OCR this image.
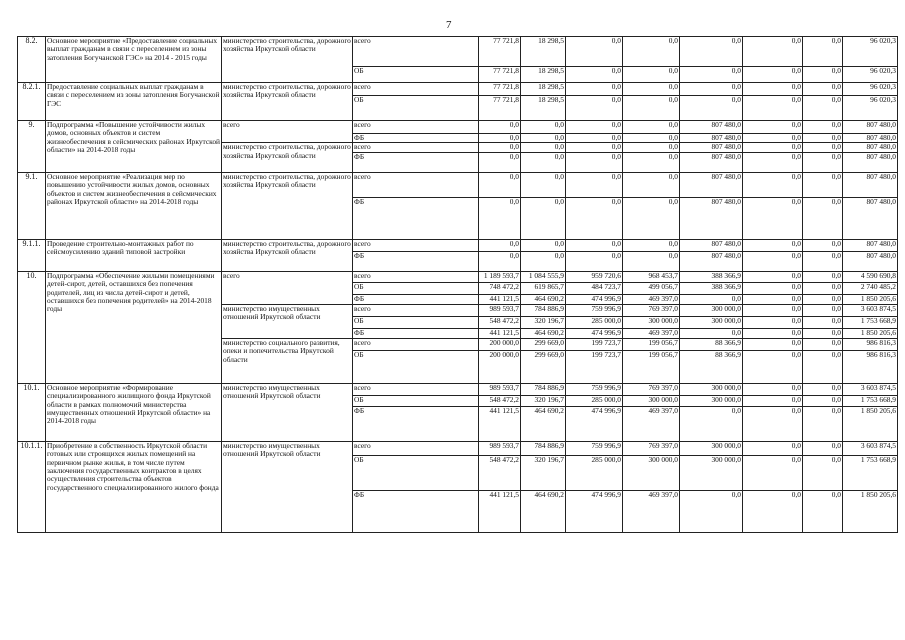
7
8.2.	Основное мероприятие «Предоставление социальных выплат гражданам в связи с переселением из зоны затопления Богучанской ГЭС» на 2014 - 2015 годы	министерство строительства, дорожного хозяйства Иркутской области	всего	77 721,8	18 298,5	0,0	0,0	0,0	0,0	0,0	96 020,3
			ОБ	77 721,8	18 298,5	0,0	0,0	0,0	0,0	0,0	96 020,3
8.2.1.	Предоставление социальных выплат гражданам в связи с переселением из зоны затопления Богучанской ГЭС	министерство строительства, дорожного хозяйства Иркутской области	всего	77 721,8	18 298,5	0,0	0,0	0,0	0,0	0,0	96 020,3
			ОБ	77 721,8	18 298,5	0,0	0,0	0,0	0,0	0,0	96 020,3
9.	Подпрограмма «Повышение устойчивости жилых домов, основных объектов и систем жизнеобеспечения в сейсмических районах Иркутской области» на 2014-2018 годы	всего	всего	0,0	0,0	0,0	0,0	807 480,0	0,0	0,0	807 480,0
			ФБ	0,0	0,0	0,0	0,0	807 480,0	0,0	0,0	807 480,0
		министерство строительства, дорожного хозяйства Иркутской области	всего	0,0	0,0	0,0	0,0	807 480,0	0,0	0,0	807 480,0
			ФБ	0,0	0,0	0,0	0,0	807 480,0	0,0	0,0	807 480,0
9.1.	Основное мероприятие «Реализация мер по повышению устойчивости жилых домов, основных объектов и систем жизнеобеспечения в сейсмических районах Иркутской области» на 2014-2018 годы	министерство строительства, дорожного хозяйства Иркутской области	всего	0,0	0,0	0,0	0,0	807 480,0	0,0	0,0	807 480,0
			ФБ	0,0	0,0	0,0	0,0	807 480,0	0,0	0,0	807 480,0
9.1.1.	Проведение строительно-монтажных работ по сейсмоусилению зданий типовой застройки	министерство строительства, дорожного хозяйства Иркутской области	всего	0,0	0,0	0,0	0,0	807 480,0	0,0	0,0	807 480,0
			ФБ	0,0	0,0	0,0	0,0	807 480,0	0,0	0,0	807 480,0
10.	Подпрограмма «Обеспечение жилыми помещениями детей-сирот, детей, оставшихся без попечения родителей, лиц из числа детей-сирот и детей, оставшихся без попечения родителей» на 2014-2018 годы	всего	всего	1 189 593,7	1 084 555,9	959 720,6	968 453,7	388 366,9	0,0	0,0	4 590 690,8
			ОБ	748 472,2	619 865,7	484 723,7	499 056,7	388 366,9	0,0	0,0	2 740 485,2
			ФБ	441 121,5	464 690,2	474 996,9	469 397,0	0,0	0,0	0,0	1 850 205,6
		министерство имущественных отношений Иркутской области	всего	989 593,7	784 886,9	759 996,9	769 397,0	300 000,0	0,0	0,0	3 603 874,5
			ОБ	548 472,2	320 196,7	285 000,0	300 000,0	300 000,0	0,0	0,0	1 753 668,9
			ФБ	441 121,5	464 690,2	474 996,9	469 397,0	0,0	0,0	0,0	1 850 205,6
		министерство социального развития, опеки и попечительства Иркутской области	всего	200 000,0	299 669,0	199 723,7	199 056,7	88 366,9	0,0	0,0	986 816,3
			ОБ	200 000,0	299 669,0	199 723,7	199 056,7	88 366,9	0,0	0,0	986 816,3
10.1.	Основное мероприятие «Формирование специализированного жилищного фонда Иркутской области в рамках полномочий министерства имущественных отношений Иркутской области» на 2014-2018 годы	министерство имущественных отношений Иркутской области	всего	989 593,7	784 886,9	759 996,9	769 397,0	300 000,0	0,0	0,0	3 603 874,5
			ОБ	548 472,2	320 196,7	285 000,0	300 000,0	300 000,0	0,0	0,0	1 753 668,9
			ФБ	441 121,5	464 690,2	474 996,9	469 397,0	0,0	0,0	0,0	1 850 205,6
10.1.1.	Приобретение в собственность Иркутской области готовых или строящихся жилых помещений на первичном рынке жилья, в том числе путем заключения государственных контрактов в целях осуществления строительства объектов государственного специализированного жилого фонда	министерство имущественных отношений Иркутской области	всего	989 593,7	784 886,9	759 996,9	769 397,0	300 000,0	0,0	0,0	3 603 874,5
			ОБ	548 472,2	320 196,7	285 000,0	300 000,0	300 000,0	0,0	0,0	1 753 668,9
			ФБ	441 121,5	464 690,2	474 996,9	469 397,0	0,0	0,0	0,0	1 850 205,6
